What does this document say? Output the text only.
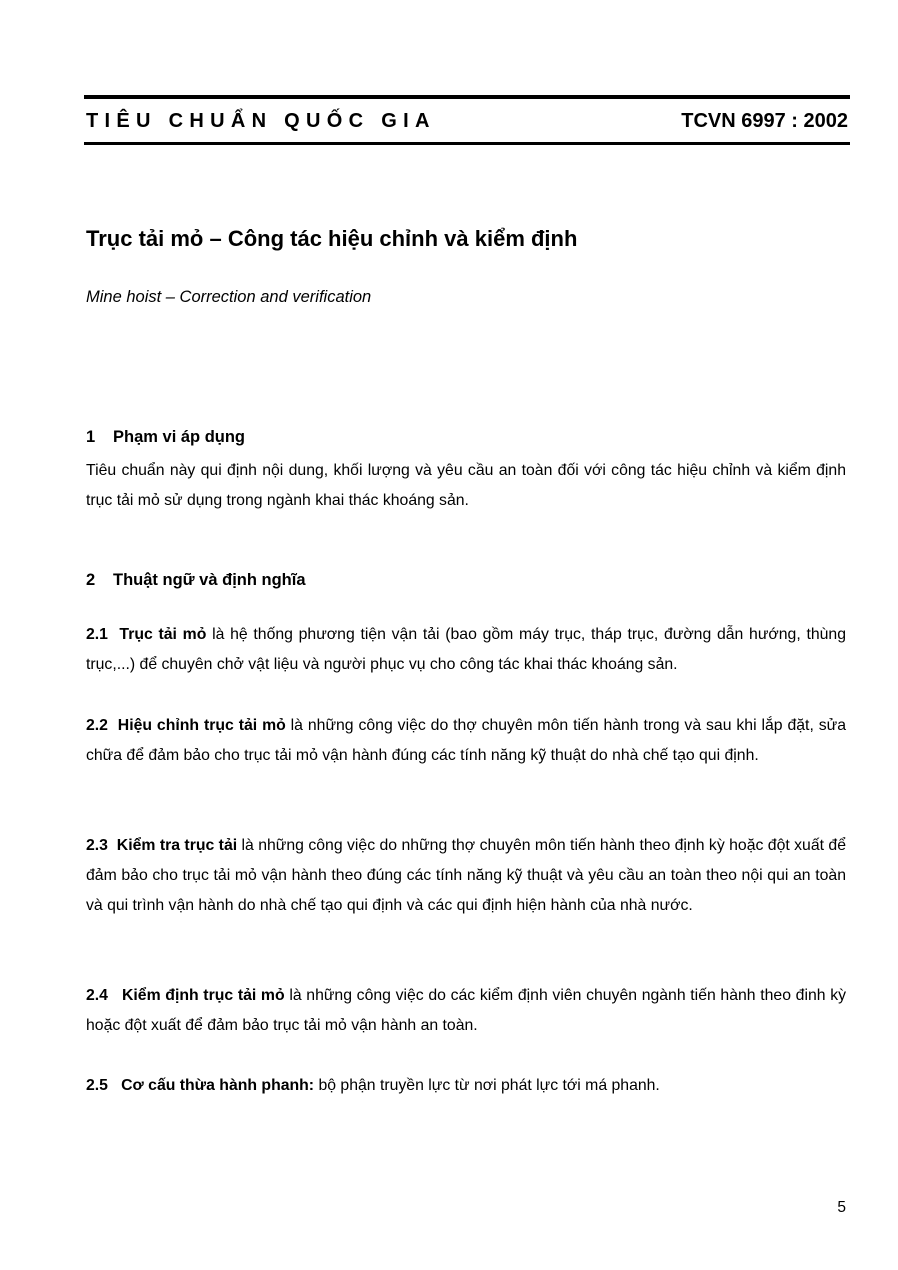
TIÊU CHUẨN QUỐC GIA	TCVN 6997 : 2002
Trục tải mỏ – Công tác hiệu chỉnh và kiểm định
Mine hoist – Correction and verification
1 Phạm vi áp dụng
Tiêu chuẩn này qui định nội dung, khối lượng và yêu cầu an toàn đối với công tác hiệu chỉnh và kiểm định trục tải mỏ sử dụng trong ngành khai thác khoáng sản.
2 Thuật ngữ và định nghĩa
2.1 Trục tải mỏ là hệ thống phương tiện vận tải (bao gồm máy trục, tháp trục, đường dẫn hướng, thùng trục,...) để chuyên chở vật liệu và người phục vụ cho công tác khai thác khoáng sản.
2.2 Hiệu chỉnh trục tải mỏ là những công việc do thợ chuyên môn tiến hành trong và sau khi lắp đặt, sửa chữa để đảm bảo cho trục tải mỏ vận hành đúng các tính năng kỹ thuật do nhà chế tạo qui định.
2.3 Kiểm tra trục tải là những công việc do những thợ chuyên môn tiến hành theo định kỳ hoặc đột xuất để đảm bảo cho trục tải mỏ vận hành theo đúng các tính năng kỹ thuật và yêu cầu an toàn theo nội qui an toàn và qui trình vận hành do nhà chế tạo qui định và các qui định hiện hành của nhà nước.
2.4 Kiểm định trục tải mỏ là những công việc do các kiểm định viên chuyên ngành tiến hành theo đinh kỳ hoặc đột xuất để đảm bảo trục tải mỏ vận hành an toàn.
2.5 Cơ cấu thừa hành phanh: bộ phận truyền lực từ nơi phát lực tới má phanh.
5
